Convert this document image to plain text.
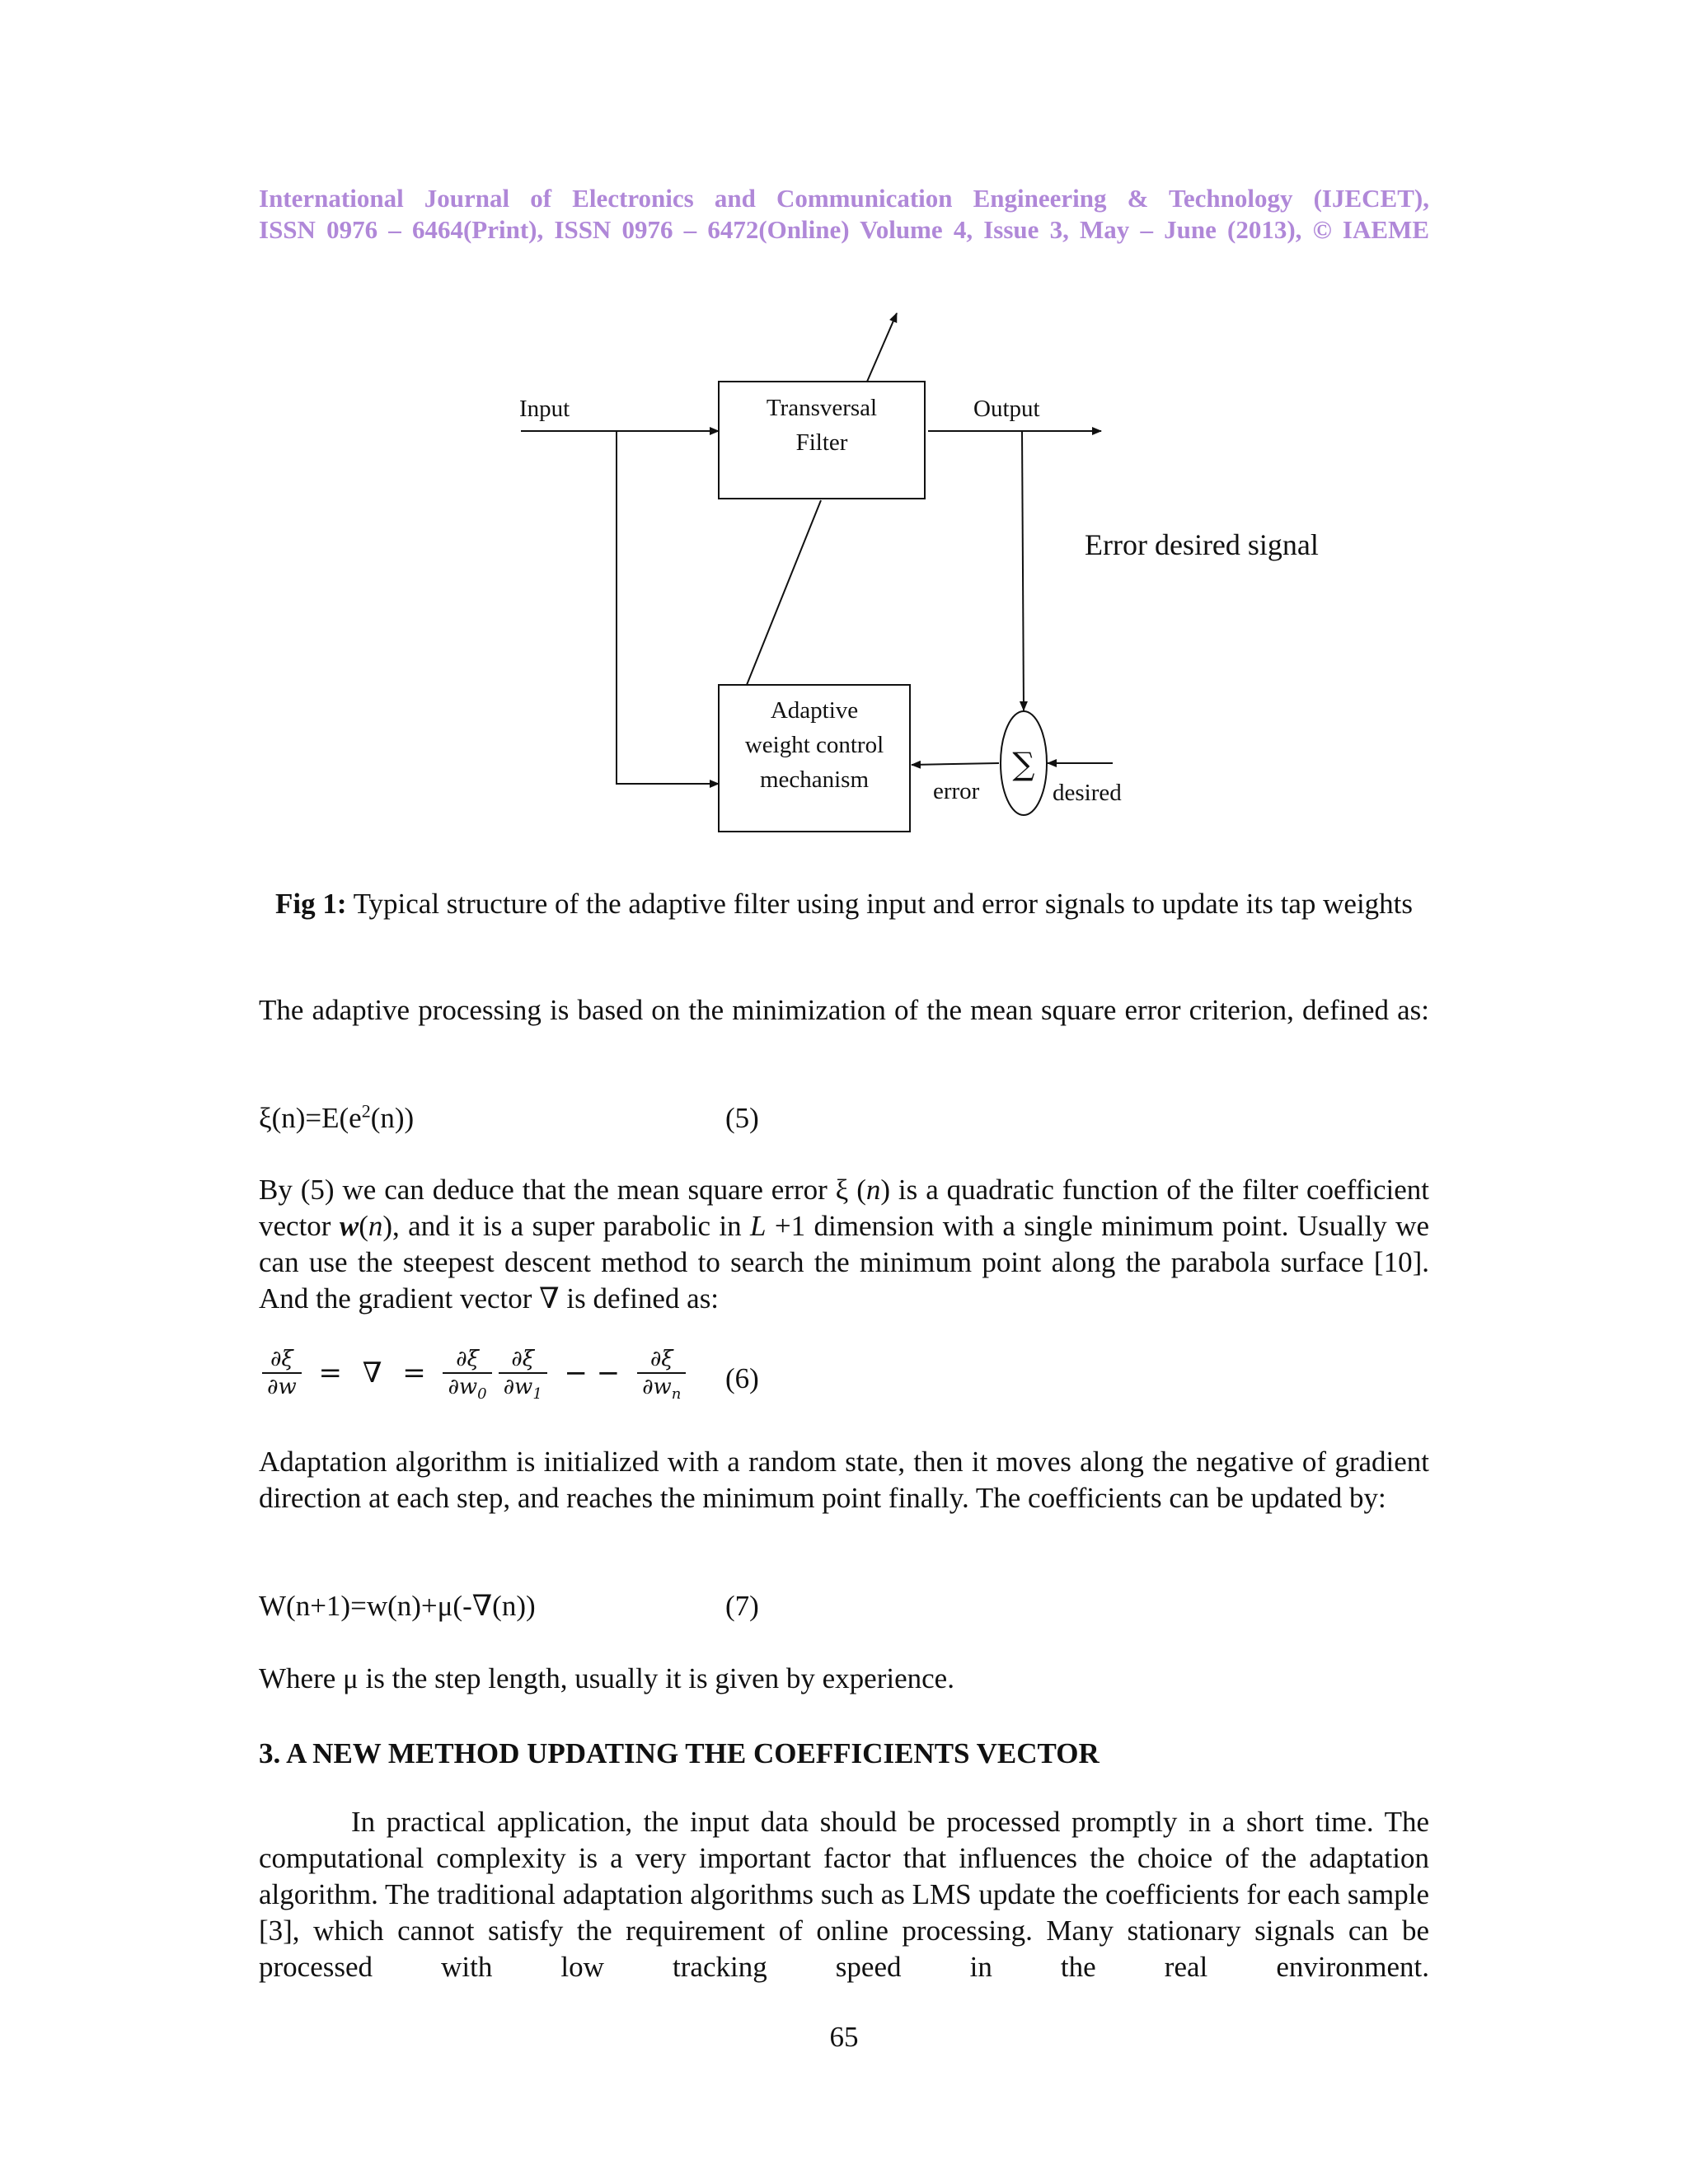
International Journal of Electronics and Communication Engineering & Technology (IJECET),

ISSN 0976 – 6464(Print), ISSN 0976 – 6472(Online) Volume 4, Issue 3, May – June (2013), © IAEME

Input	Output
Transversal
Filter
Error desired signal
Adaptive
weight control
mechanism	∑
error	desired
Fig 1: Typical structure of the adaptive filter using input and error signals to update its tap weights
The adaptive processing is based on the minimization of the mean square error criterion, defined as:
$\xi(n)=E(e^2(n))$	(5)
By (5) we can deduce that the mean square error ξ (n) is a quadratic function of the filter coefficient vector w(n), and it is a super parabolic in L +1 dimension with a single minimum point. Usually we can use the steepest descent method to search the minimum point along the parabola surface [10]. And the gradient vector ∇ is defined as:
$\frac{\partial\xi}{\partial w}$ = ∇ = $\frac{\partial\xi}{\partial w_0} \frac{\partial\xi}{\partial w_1}$ − − $\frac{\partial\xi}{\partial w_n} (6)$
Adaptation algorithm is initialized with a random state, then it moves along the negative of gradient direction at each step, and reaches the minimum point finally. The coefficients can be updated by:
W(n+1)=w(n)+μ(-∇(n))	(7)
Where μ is the step length, usually it is given by experience.
3. A NEW METHOD UPDATING THE COEFFICIENTS VECTOR
In practical application, the input data should be processed promptly in a short time. The computational complexity is a very important factor that influences the choice of the adaptation algorithm. The traditional adaptation algorithms such as LMS update the coefficients for each sample [3], which cannot satisfy the requirement of online processing. Many stationary signals can be processed with low tracking speed in the real environment.
65
